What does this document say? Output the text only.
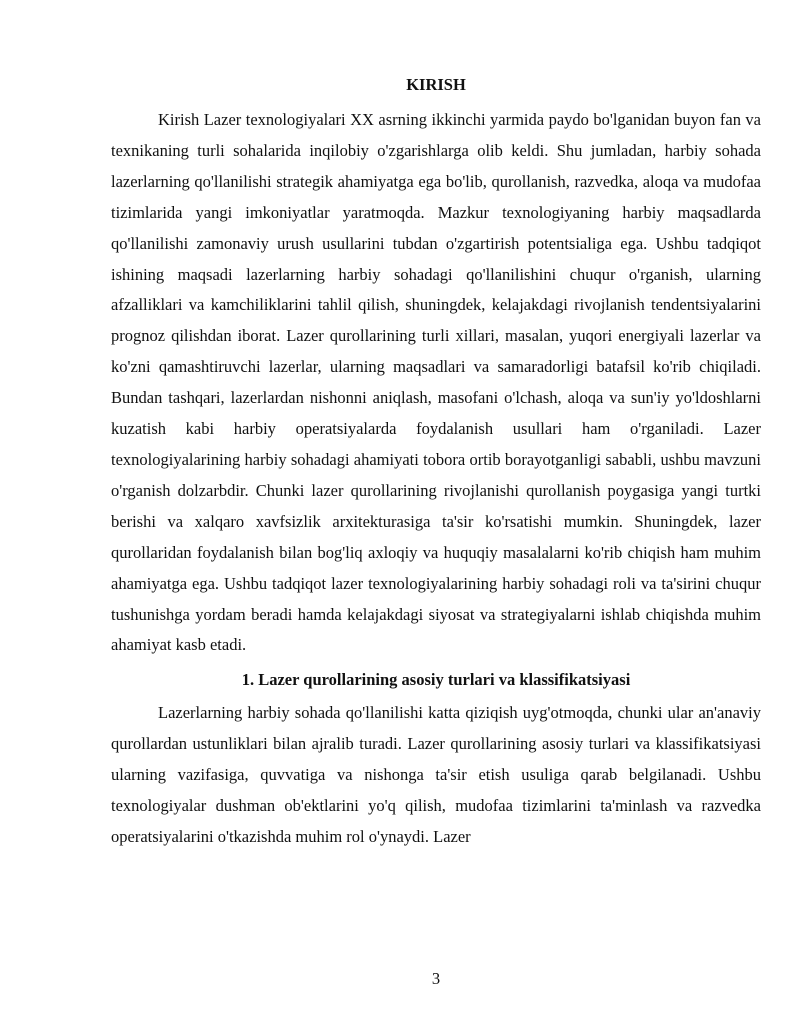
KIRISH

Kirish Lazer texnologiyalari XX asrning ikkinchi yarmida paydo bo'lganidan buyon fan va texnikaning turli sohalarida inqilobiy o'zgarishlarga olib keldi. Shu jumladan, harbiy sohada lazerlarning qo'llanilishi strategik ahamiyatga ega bo'lib, qurollanish, razvedka, aloqa va mudofaa tizimlarida yangi imkoniyatlar yaratmoqda. Mazkur texnologiyaning harbiy maqsadlarda qo'llanilishi zamonaviy urush usullarini tubdan o'zgartirish potentsialiga ega. Ushbu tadqiqot ishining maqsadi lazerlarning harbiy sohadagi qo'llanilishini chuqur o'rganish, ularning afzalliklari va kamchiliklarini tahlil qilish, shuningdek, kelajakdagi rivojlanish tendentsiyalarini prognoz qilishdan iborat. Lazer qurollarining turli xillari, masalan, yuqori energiyali lazerlar va ko'zni qamashtiruvchi lazerlar, ularning maqsadlari va samaradorligi batafsil ko'rib chiqiladi. Bundan tashqari, lazerlardan nishonni aniqlash, masofani o'lchash, aloqa va sun'iy yo'ldoshlarni kuzatish kabi harbiy operatsiyalarda foydalanish usullari ham o'rganiladi. Lazer texnologiyalarining harbiy sohadagi ahamiyati tobora ortib borayotganligi sababli, ushbu mavzuni o'rganish dolzarbdir. Chunki lazer qurollarining rivojlanishi qurollanish poygasiga yangi turtki berishi va xalqaro xavfsizlik arxitekturasiga ta'sir ko'rsatishi mumkin. Shuningdek, lazer qurollaridan foydalanish bilan bog'liq axloqiy va huquqiy masalalarni ko'rib chiqish ham muhim ahamiyatga ega. Ushbu tadqiqot lazer texnologiyalarining harbiy sohadagi roli va ta'sirini chuqur tushunishga yordam beradi hamda kelajakdagi siyosat va strategiyalarni ishlab chiqishda muhim ahamiyat kasb etadi.

1. Lazer qurollarining asosiy turlari va klassifikatsiyasi

Lazerlarning harbiy sohada qo'llanilishi katta qiziqish uyg'otmoqda, chunki ular an'anaviy qurollardan ustunliklari bilan ajralib turadi. Lazer qurollarining asosiy turlari va klassifikatsiyasi ularning vazifasiga, quvvatiga va nishonga ta'sir etish usuliga qarab belgilanadi. Ushbu texnologiyalar dushman ob'ektlarini yo'q qilish, mudofaa tizimlarini ta'minlash va razvedka operatsiyalarini o'tkazishda muhim rol o'ynaydi. Lazer

3
